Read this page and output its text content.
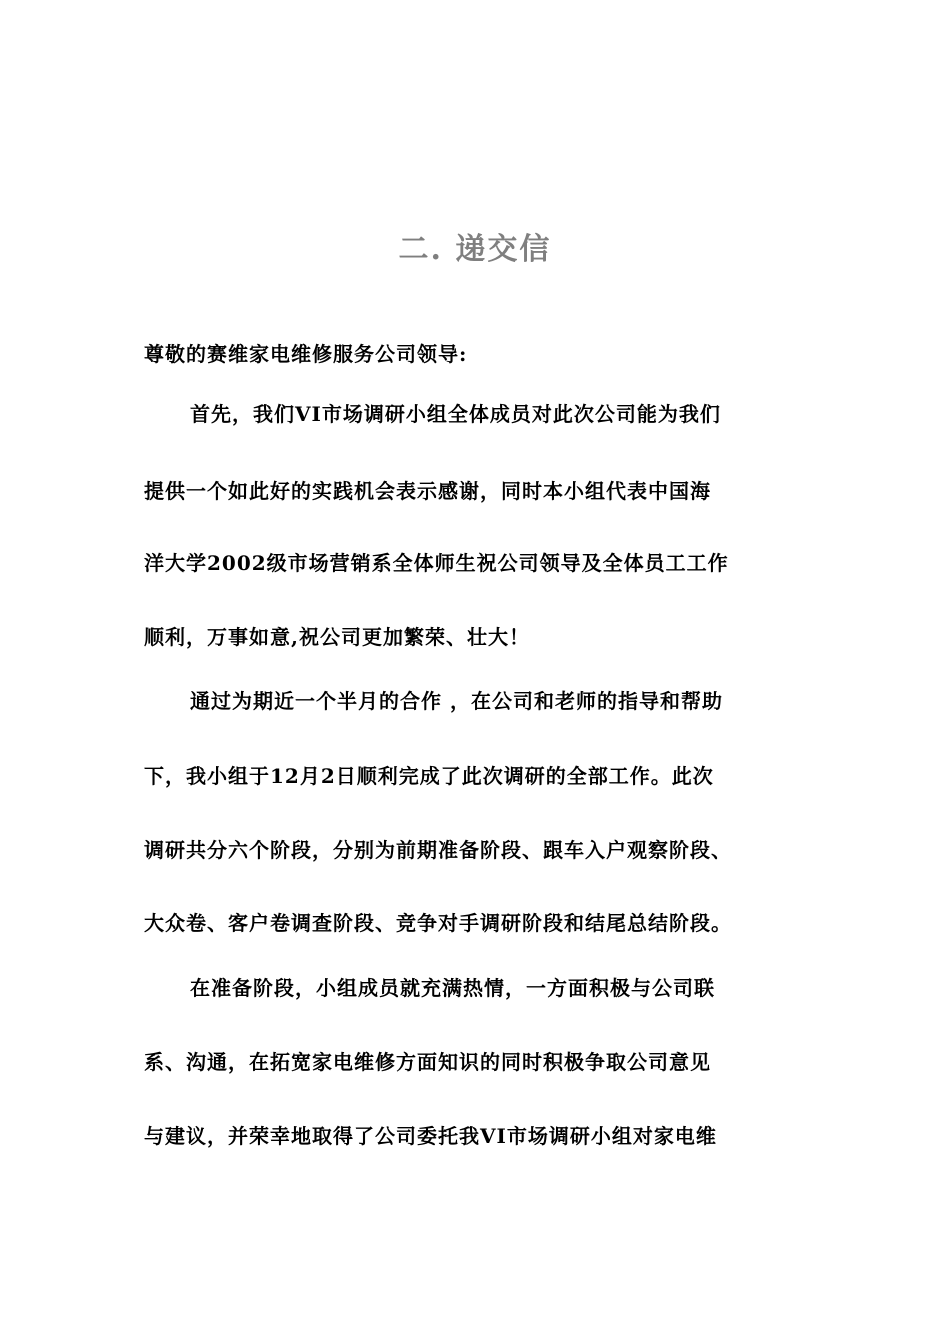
二. 递交信
尊敬的赛维家电维修服务公司领导:
首先，我们VI市场调研小组全体成员对此次公司能为我们
提供一个如此好的实践机会表示感谢，同时本小组代表中国海
洋大学2002级市场营销系全体师生祝公司领导及全体员工工作
顺利，万事如意,祝公司更加繁荣、壮大！
通过为期近一个半月的合作 ，在公司和老师的指导和帮助
下，我小组于12月2日顺利完成了此次调研的全部工作。此次
调研共分六个阶段，分别为前期准备阶段、跟车入户观察阶段、
大众卷、客户卷调查阶段、竞争对手调研阶段和结尾总结阶段。
在准备阶段，小组成员就充满热情，一方面积极与公司联
系、沟通，在拓宽家电维修方面知识的同时积极争取公司意见
与建议，并荣幸地取得了公司委托我VI市场调研小组对家电维
